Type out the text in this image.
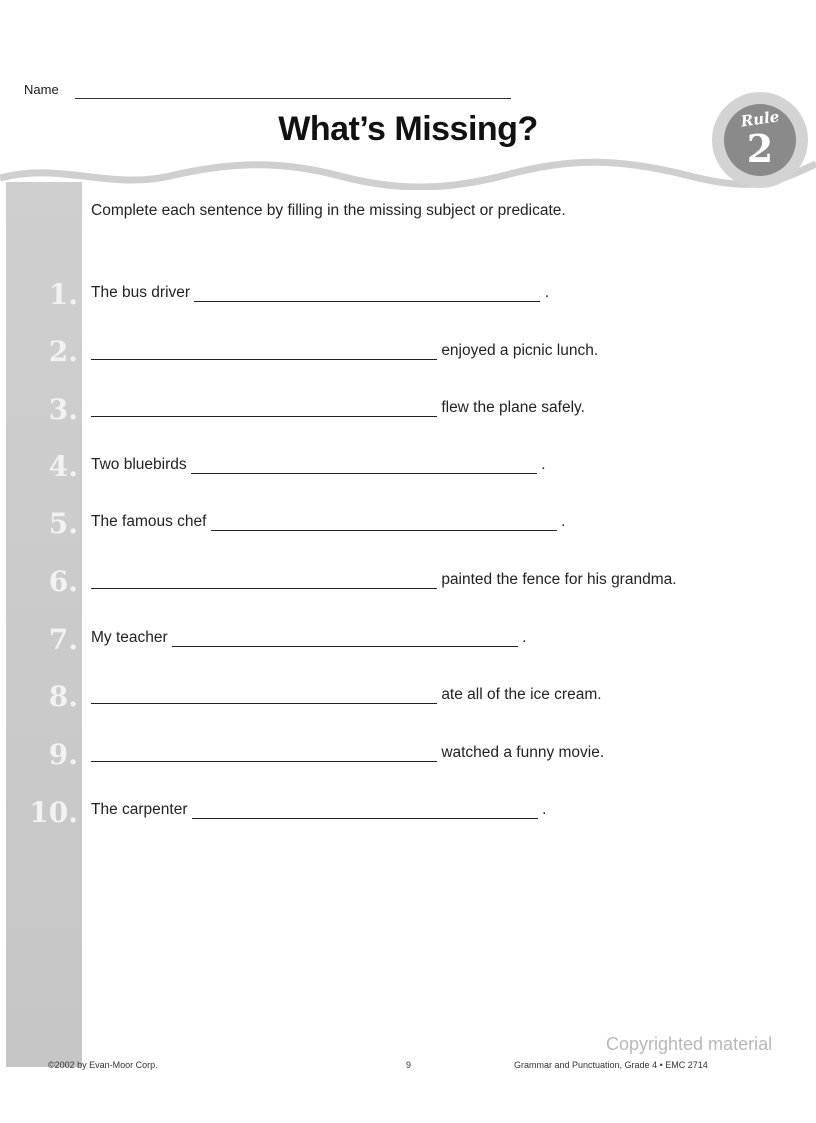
Name
What’s Missing?	Rule
2
1.
2.
3.
4.
5.
6.
7.
8.
9.
10.
Complete each sentence by filling in the missing subject or predicate.
The bus driver	.
enjoyed a picnic lunch.
flew the plane safely.
Two bluebirds	.
The famous chef	.
painted the fence for his grandma.
My teacher	.
ate all of the ice cream.
watched a funny movie.
The carpenter	.
Copyrighted material
©2002 by Evan-Moor Corp.	9	Grammar and Punctuation, Grade 4 • EMC 2714
